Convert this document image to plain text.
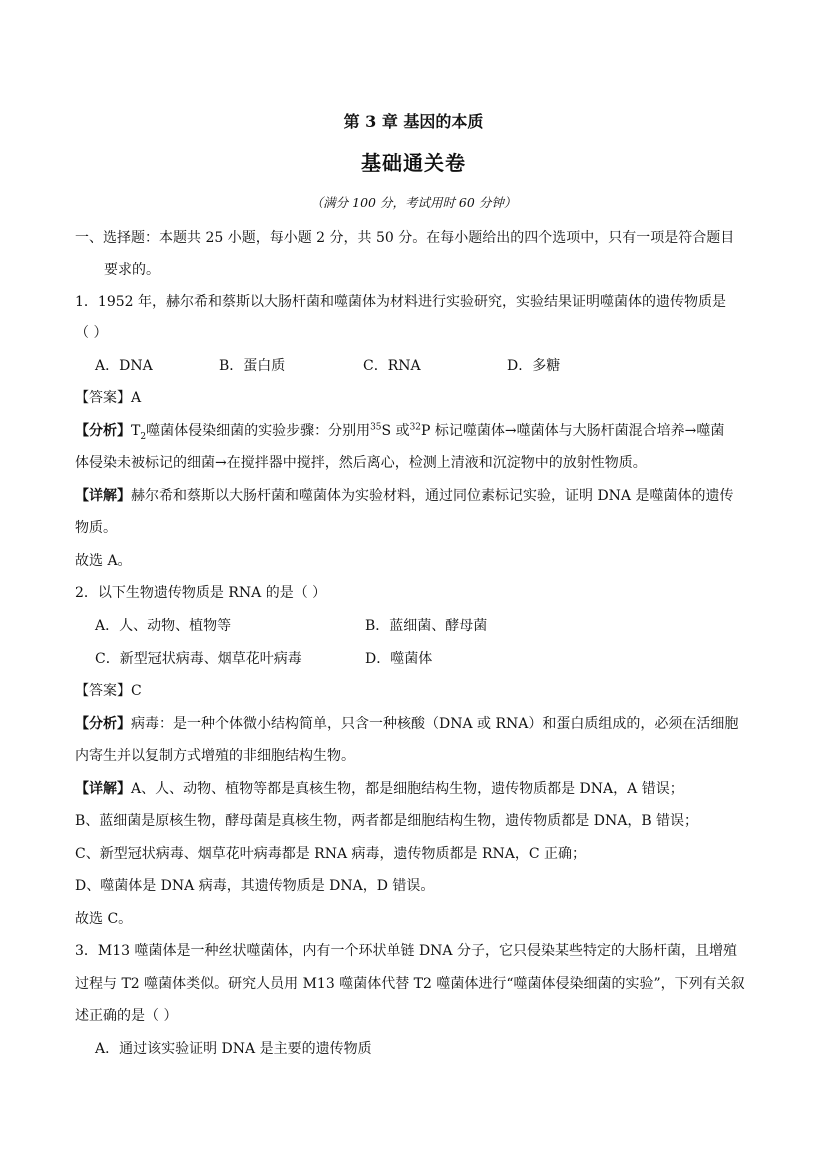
第 3 章 基因的本质
基础通关卷
（满分 100 分，考试用时 60 分钟）
一、选择题：本题共 25 小题，每小题 2 分，共 50 分。在每小题给出的四个选项中，只有一项是符合题目
要求的。
1．1952 年，赫尔希和蔡斯以大肠杆菌和噬菌体为材料进行实验研究，实验结果证明噬菌体的遗传物质是
（ ）
A．DNA	B．蛋白质	C．RNA	D．多糖
【答案】A
【分析】$T_2$噬菌体侵染细菌的实验步骤：分别用$^{35}$S 或$^{32}$P 标记噬菌体→噬菌体与大肠杆菌混合培养→噬菌
体侵染未被标记的细菌→在搅拌器中搅拌，然后离心，检测上清液和沉淀物中的放射性物质。
【详解】赫尔希和蔡斯以大肠杆菌和噬菌体为实验材料，通过同位素标记实验，证明 DNA 是噬菌体的遗传
物质。
故选 A。
2．以下生物遗传物质是 RNA 的是（ ）
A．人、动物、植物等	B．蓝细菌、酵母菌
C．新型冠状病毒、烟草花叶病毒	D．噬菌体
【答案】C
【分析】病毒：是一种个体微小结构简单，只含一种核酸（DNA 或 RNA）和蛋白质组成的，必须在活细胞
内寄生并以复制方式增殖的非细胞结构生物。
【详解】A、人、动物、植物等都是真核生物，都是细胞结构生物，遗传物质都是 DNA，A 错误；
B、蓝细菌是原核生物，酵母菌是真核生物，两者都是细胞结构生物，遗传物质都是 DNA，B 错误；
C、新型冠状病毒、烟草花叶病毒都是 RNA 病毒，遗传物质都是 RNA，C 正确；
D、噬菌体是 DNA 病毒，其遗传物质是 DNA，D 错误。
故选 C。
3．M13 噬菌体是一种丝状噬菌体，内有一个环状单链 DNA 分子，它只侵染某些特定的大肠杆菌，且增殖
过程与 T2 噬菌体类似。研究人员用 M13 噬菌体代替 T2 噬菌体进行“噬菌体侵染细菌的实验”，下列有关叙
述正确的是（ ）
A．通过该实验证明 DNA 是主要的遗传物质
